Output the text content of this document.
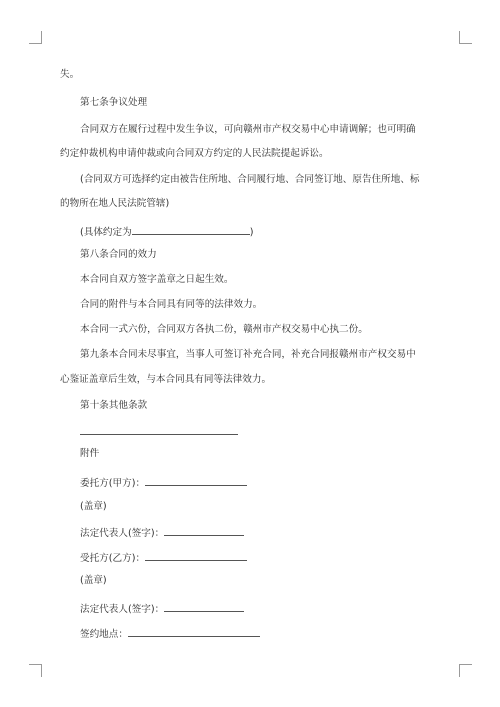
失。
第七条争议处理
合同双方在履行过程中发生争议，可向赣州市产权交易中心申请调解；也可明确
约定仲裁机构申请仲裁或向合同双方约定的人民法院提起诉讼。
(合同双方可选择约定由被告住所地、合同履行地、合同签订地、原告住所地、标
的物所在地人民法院管辖)
(具体约定为	)
第八条合同的效力
本合同自双方签字盖章之日起生效。
合同的附件与本合同具有同等的法律效力。
本合同一式六份，合同双方各执二份，赣州市产权交易中心执二份。
第九条本合同未尽事宜，当事人可签订补充合同，补充合同报赣州市产权交易中
心鉴证盖章后生效，与本合同具有同等法律效力。
第十条其他条款
附件
委托方(甲方)：
(盖章)
法定代表人(签字)：
受托方(乙方)：
(盖章)
法定代表人(签字)：
签约地点：
